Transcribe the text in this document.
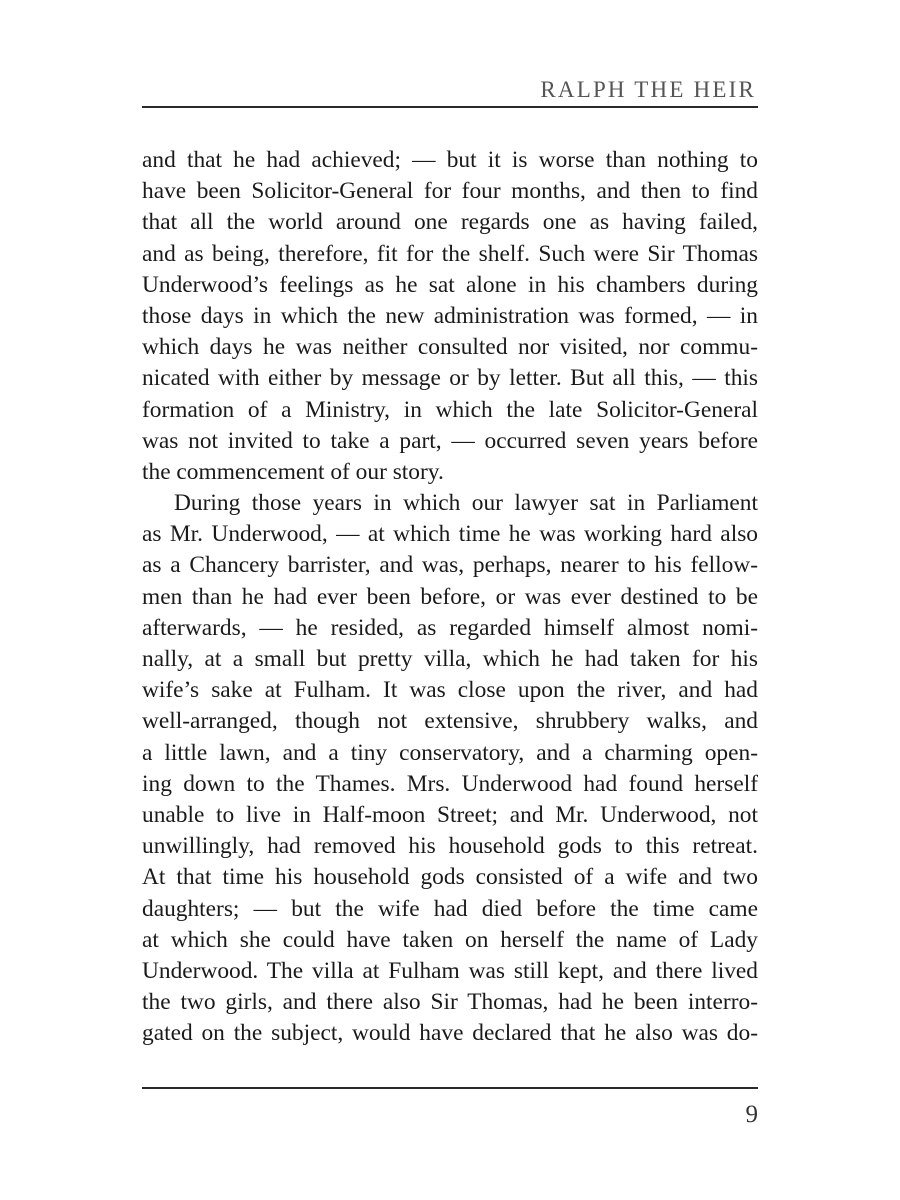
RALPH THE HEIR
and that he had achieved; — but it is worse than nothing to
have been Solicitor-General for four months, and then to find
that all the world around one regards one as having failed,
and as being, therefore, fit for the shelf. Such were Sir Thomas
Underwood’s feelings as he sat alone in his chambers during
those days in which the new administration was formed, — in
which days he was neither consulted nor visited, nor commu-
nicated with either by message or by letter. But all this, — this
formation of a Ministry, in which the late Solicitor-General
was not invited to take a part, — occurred seven years before
the commencement of our story.
During those years in which our lawyer sat in Parliament
as Mr. Underwood, — at which time he was working hard also
as a Chancery barrister, and was, perhaps, nearer to his fellow-
men than he had ever been before, or was ever destined to be
afterwards, — he resided, as regarded himself almost nomi-
nally, at a small but pretty villa, which he had taken for his
wife’s sake at Fulham. It was close upon the river, and had
well-arranged, though not extensive, shrubbery walks, and
a little lawn, and a tiny conservatory, and a charming open-
ing down to the Thames. Mrs. Underwood had found herself
unable to live in Half-moon Street; and Mr. Underwood, not
unwillingly, had removed his household gods to this retreat.
At that time his household gods consisted of a wife and two
daughters; — but the wife had died before the time came
at which she could have taken on herself the name of Lady
Underwood. The villa at Fulham was still kept, and there lived
the two girls, and there also Sir Thomas, had he been interro-
gated on the subject, would have declared that he also was do-
9
